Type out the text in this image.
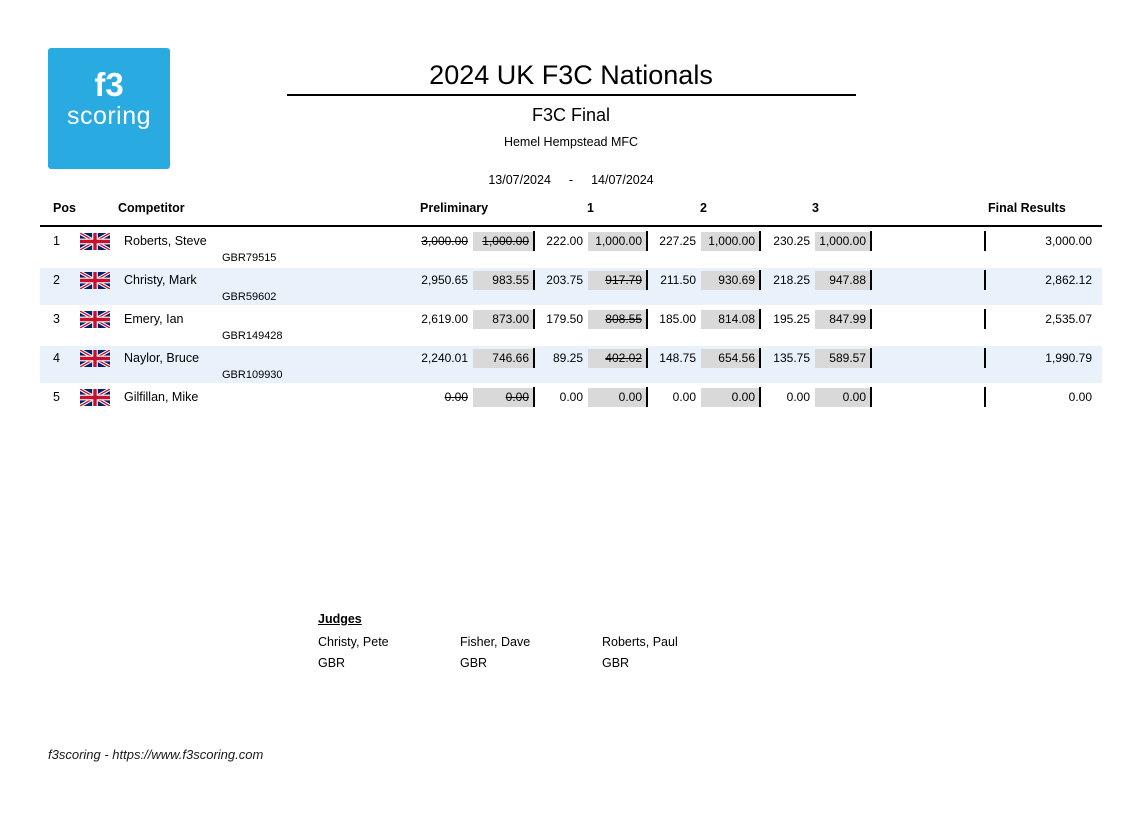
f3
scoring
2024 UK F3C Nationals
F3C Final
Hemel Hempstead MFC
13/07/2024 - 14/07/2024
Pos	Competitor	Preliminary	1	2	3	Final Results
1	Roberts, Steve	3,000.00	1,000.00	222.00	1,000.00	227.25	1,000.00	230.25 1,000.00	3,000.00
GBR79515
2	Christy, Mark	2,950.65	983.55	203.75	917.79	211.50	930.69	218.25	947.88	2,862.12
GBR59602
3	Emery, Ian	2,619.00	873.00	179.50	808.55	185.00	814.08	195.25	847.99	2,535.07
GBR149428
4	Naylor, Bruce	2,240.01	746.66	89.25	402.02	148.75	654.56	135.75	589.57	1,990.79
GBR109930
5	Gilfillan, Mike	0.00	0.00	0.00	0.00	0.00	0.00	0.00	0.00	0.00
Judges
Christy, Pete
GBR
Fisher, Dave
GBR
Roberts, Paul
GBR
f3scoring - https://www.f3scoring.com
